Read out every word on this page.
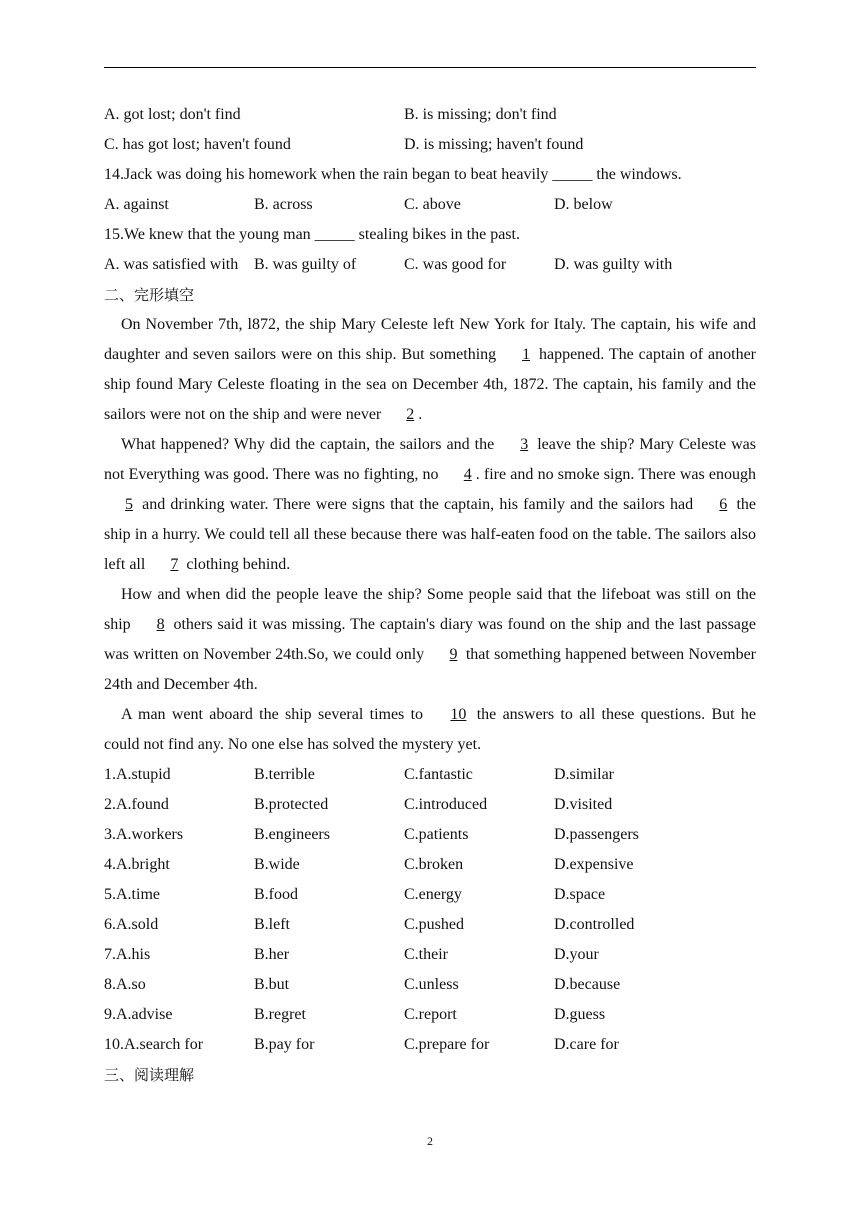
A. got lost; don't find	B. is missing; don't find
C. has got lost; haven't found	D. is missing; haven't found
14.Jack was doing his homework when the rain began to beat heavily _____ the windows.
A. against	B. across	C. above	D. below
15.We knew that the young man _____ stealing bikes in the past.
A. was satisfied with B. was guilty of	C. was good for	D. was guilty with
二、完形填空

On November 7th, l872, the ship Mary Celeste left New York for Italy. The captain, his wife and daughter and seven sailors were on this ship. But something 1 happened. The captain of another ship found Mary Celeste floating in the sea on December 4th, 1872. The captain, his family and the sailors were not on the ship and were never 2 .

What happened? Why did the captain, the sailors and the 3 leave the ship? Mary Celeste was not Everything was good. There was no fighting, no 4 . fire and no smoke sign. There was enough 5 and drinking water. There were signs that the captain, his family and the sailors had 6 the ship in a hurry. We could tell all these because there was half-eaten food on the table. The sailors also left all 7 clothing behind.

How and when did the people leave the ship? Some people said that the lifeboat was still on the ship 8 others said it was missing. The captain's diary was found on the ship and the last passage was written on November 24th.So, we could only 9 that something happened between November 24th and December 4th.

A man went aboard the ship several times to 10 the answers to all these questions. But he could not find any. No one else has solved the mystery yet.

1.A.stupid	B.terrible	C.fantastic	D.similar
2.A.found	B.protected	C.introduced	D.visited
3.A.workers	B.engineers	C.patients	D.passengers
4.A.bright	B.wide	C.broken	D.expensive
5.A.time	B.food	C.energy	D.space
6.A.sold	B.left	C.pushed	D.controlled
7.A.his	B.her	C.their	D.your
8.A.so	B.but	C.unless	D.because
9.A.advise	B.regret	C.report	D.guess
10.A.search for	B.pay for	C.prepare for	D.care for
三、阅读理解
2
